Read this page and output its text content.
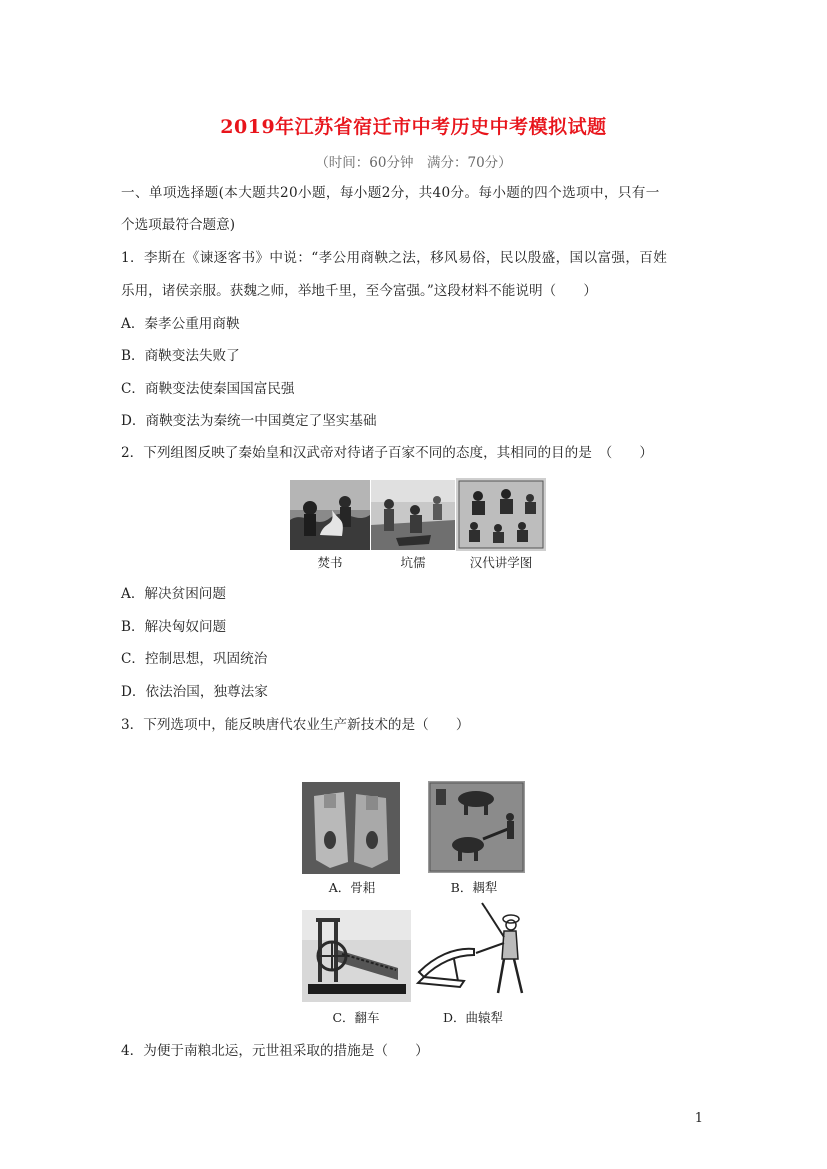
2019年江苏省宿迁市中考历史中考模拟试题
（时间：60分钟　满分：70分）
一、单项选择题(本大题共20小题，每小题2分，共40分。每小题的四个选项中，只有一
个选项最符合题意)
1．李斯在《谏逐客书》中说：“孝公用商鞅之法，移风易俗，民以殷盛，国以富强，百姓
乐用，诸侯亲服。获魏之师，举地千里，至今富强。”这段材料不能说明（　　）
A．秦孝公重用商鞅
B．商鞅变法失败了
C．商鞅变法使秦国国富民强
D．商鞅变法为秦统一中国奠定了坚实基础
2．下列组图反映了秦始皇和汉武帝对待诸子百家不同的态度，其相同的目的是　（　　）
焚书	坑儒	汉代讲学图
A．解决贫困问题
B．解决匈奴问题
C．控制思想，巩固统治
D．依法治国，独尊法家
3．下列选项中，能反映唐代农业生产新技术的是（　　）
A．骨耜	B．耦犁
C．翻车	D．曲辕犁
4．为便于南粮北运，元世祖采取的措施是（　　）
1
